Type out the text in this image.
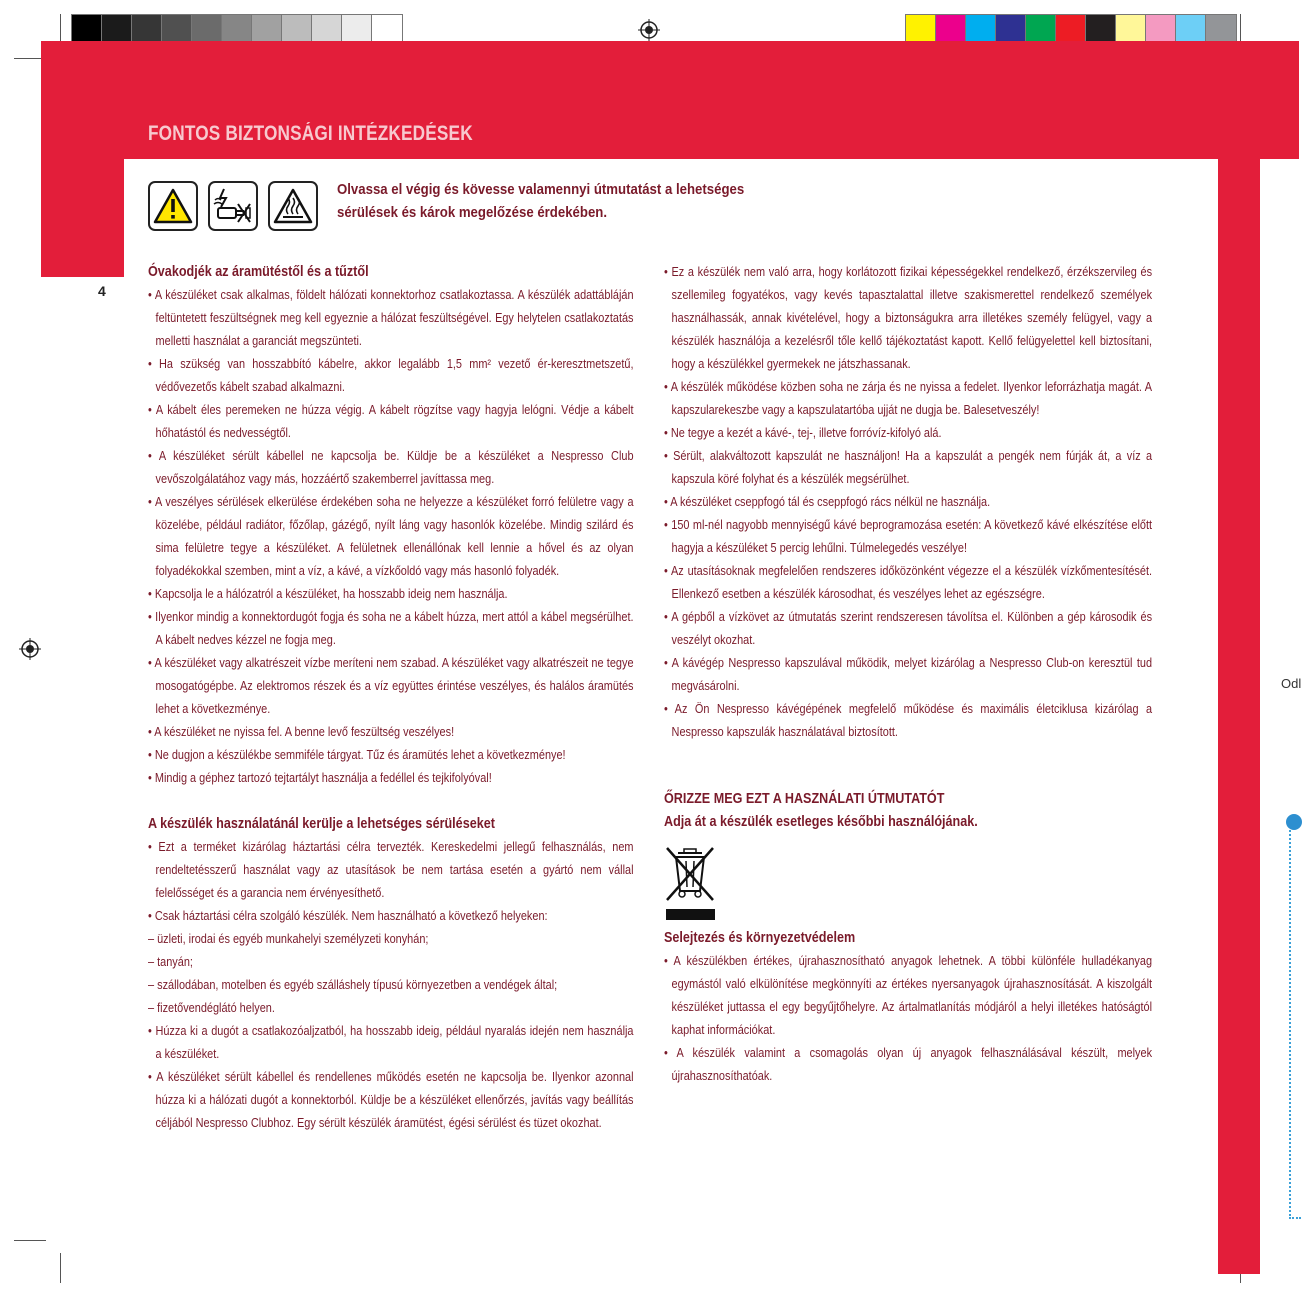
FONTOS BIZTONSÁGI INTÉZKEDÉSEK
4
Olvassa el végig és kövesse valamennyi útmutatást a lehetséges
sérülések és károk megelőzése érdekében.
Óvakodjék az áramütéstől és a tűztől

• A készüléket csak alkalmas, földelt hálózati konnektorhoz csatlakoztassa. A készülék adattábláján feltüntetett feszültségnek meg kell egyeznie a hálózat feszültségével. Egy helytelen csatlakoztatás melletti használat a garanciát megszünteti.

• Ha szükség van hosszabbító kábelre, akkor legalább 1,5 mm² vezető ér-keresztmetszetű, védővezetős kábelt szabad alkalmazni.

• A kábelt éles peremeken ne húzza végig. A kábelt rögzítse vagy hagyja lelógni. Védje a kábelt hőhatástól és nedvességtől.

• A készüléket sérült kábellel ne kapcsolja be. Küldje be a készüléket a Nespresso Club vevőszolgálatához vagy más, hozzáértő szakemberrel javíttassa meg.

• A veszélyes sérülések elkerülése érdekében soha ne helyezze a készüléket forró felületre vagy a közelébe, például radiátor, főzőlap, gázégő, nyílt láng vagy hasonlók közelébe. Mindig szilárd és sima felületre tegye a készüléket. A felületnek ellenállónak kell lennie a hővel és az olyan folyadékokkal szemben, mint a víz, a kávé, a vízkőoldó vagy más hasonló folyadék.

• Kapcsolja le a hálózatról a készüléket, ha hosszabb ideig nem használja.

• Ilyenkor mindig a konnektordugót fogja és soha ne a kábelt húzza, mert attól a kábel megsérülhet. A kábelt nedves kézzel ne fogja meg.

• A készüléket vagy alkatrészeit vízbe meríteni nem szabad. A készüléket vagy alkatrészeit ne tegye mosogatógépbe. Az elektromos részek és a víz együttes érintése veszélyes, és halálos áramütés lehet a következménye.

• A készüléket ne nyissa fel. A benne levő feszültség veszélyes!

• Ne dugjon a készülékbe semmiféle tárgyat. Tűz és áramütés lehet a következménye!

• Mindig a géphez tartozó tejtartályt használja a fedéllel és tejkifolyóval!

A készülék használatánál kerülje a lehetséges sérüléseket

• Ezt a terméket kizárólag háztartási célra tervezték. Kereskedelmi jellegű felhasználás, nem rendeltetésszerű használat vagy az utasítások be nem tartása esetén a gyártó nem vállal felelősséget és a garancia nem érvényesíthető.

• Csak háztartási célra szolgáló készülék. Nem használható a következő helyeken:

– üzleti, irodai és egyéb munkahelyi személyzeti konyhán;

– tanyán;

– szállodában, motelben és egyéb szálláshely típusú környezetben a vendégek által;

– fizetővendéglátó helyen.

• Húzza ki a dugót a csatlakozóaljzatból, ha hosszabb ideig, például nyaralás idején nem használja a készüléket.

• A készüléket sérült kábellel és rendellenes működés esetén ne kapcsolja be. Ilyenkor azonnal húzza ki a hálózati dugót a konnektorból. Küldje be a készüléket ellenőrzés, javítás vagy beállítás céljából Nespresso Clubhoz. Egy sérült készülék áramütést, égési sérülést és tüzet okozhat.

• Ez a készülék nem való arra, hogy korlátozott fizikai képességekkel rendelkező, érzékszervileg és szellemileg fogyatékos, vagy kevés tapasztalattal illetve szakismerettel rendelkező személyek használhassák, annak kivételével, hogy a biztonságukra arra illetékes személy felügyel, vagy a készülék használója a kezelésről tőle kellő tájékoztatást kapott. Kellő felügyelettel kell biztosítani, hogy a készülékkel gyermekek ne játszhassanak.

• A készülék működése közben soha ne zárja és ne nyissa a fedelet. Ilyenkor leforrázhatja magát. A kapszularekeszbe vagy a kapszulatartóba ujját ne dugja be. Balesetveszély!

• Ne tegye a kezét a kávé-, tej-, illetve forróvíz-kifolyó alá.

• Sérült, alakváltozott kapszulát ne használjon! Ha a kapszulát a pengék nem fúrják át, a víz a kapszula köré folyhat és a készülék megsérülhet.

• A készüléket cseppfogó tál és cseppfogó rács nélkül ne használja.

• 150 ml-nél nagyobb mennyiségű kávé beprogramozása esetén: A következő kávé elkészítése előtt hagyja a készüléket 5 percig lehűlni. Túlmelegedés veszélye!

• Az utasításoknak megfelelően rendszeres időközönként végezze el a készülék vízkőmentesítését. Ellenkező esetben a készülék károsodhat, és veszélyes lehet az egészségre.

• A gépből a vízkövet az útmutatás szerint rendszeresen távolítsa el. Különben a gép károsodik és veszélyt okozhat.

• A kávégép Nespresso kapszulával működik, melyet kizárólag a Nespresso Club-on keresztül tud megvásárolni.

• Az Ön Nespresso kávégépének megfelelő működése és maximális életciklusa kizárólag a Nespresso kapszulák használatával biztosított.

ŐRIZZE MEG EZT A HASZNÁLATI ÚTMUTATÓT
Adja át a készülék esetleges későbbi használójának.
Selejtezés és környezetvédelem

• A készülékben értékes, újrahasznosítható anyagok lehetnek. A többi különféle hulladékanyag egymástól való elkülönítése megkönnyíti az értékes nyersanyagok újrahasznosítását. A kiszolgált készüléket juttassa el egy begyűjtőhelyre. Az ártalmatlanítás módjáról a helyi illetékes hatóságtól kaphat információkat.

• A készülék valamint a csomagolás olyan új anyagok felhasználásával készült, melyek újrahasznosíthatóak.

Odl
